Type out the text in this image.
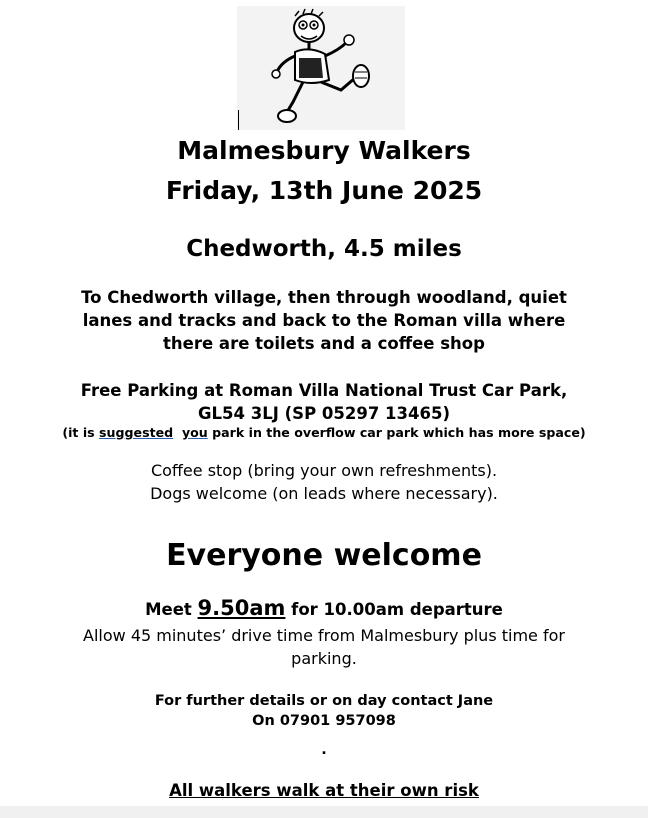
Malmesbury Walkers
Friday, 13th June 2025
Chedworth, 4.5 miles
To Chedworth village, then through woodland, quiet
lanes and tracks and back to the Roman villa where
there are toilets and a coffee shop
Free Parking at Roman Villa National Trust Car Park,
GL54 3LJ (SP 05297 13465)
(it is suggested you park in the overflow car park which has more space)
Coffee stop (bring your own refreshments).
Dogs welcome (on leads where necessary).
Everyone welcome
Meet 9.50am for 10.00am departure
Allow 45 minutes’ drive time from Malmesbury plus time for
parking.
For further details or on day contact Jane
On 07901 957098
.
All walkers walk at their own risk
